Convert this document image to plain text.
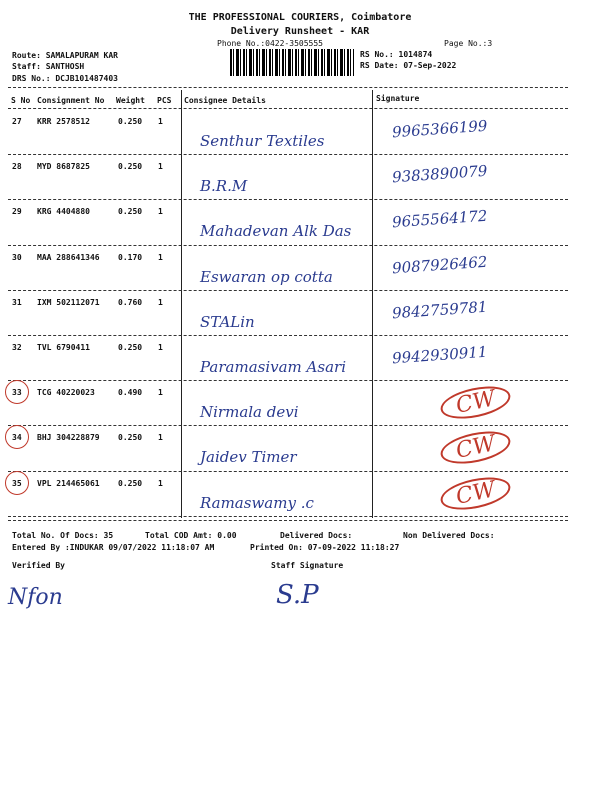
THE PROFESSIONAL COURIERS, Coimbatore
Delivery Runsheet - KAR
Phone No.:0422-3505555	Page No.:3
Route: SAMALAPURAM KAR
Staff: SANTHOSH
DRS No.: DCJB101487403
RS No.: 1014874
RS Date: 07-Sep-2022
S No Consignment No Weight PCS Consignee Details	Signature
27 KRR 2578512	0.250 1
Senthur Textiles	9965366199
28 MYD 8687825	0.250 1
B.R.M	9383890079
29 KRG 4404880	0.250 1
Mahadevan Alk Das	9655564172
30 MAA 288641346 0.170 1
Eswaran op cotta	9087926462
31 IXM 502112071 0.760 1
STALin	9842759781
32 TVL 6790411	0.250 1
Paramasivam Asari	9942930911
33 TCG 40220023	0.490 1
Nirmala devi	CW
34 BHJ 304228879 0.250 1
Jaidev Timer	CW
35 VPL 214465061 0.250 1
Ramaswamy .c	CW
Total No. Of Docs: 35	Total COD Amt: 0.00	Delivered Docs:	Non Delivered Docs:
Entered By :INDUKAR 09/07/2022 11:18:07 AM	Printed On: 07-09-2022 11:18:27
Verified By	Staff Signature
Nfon	S.P
